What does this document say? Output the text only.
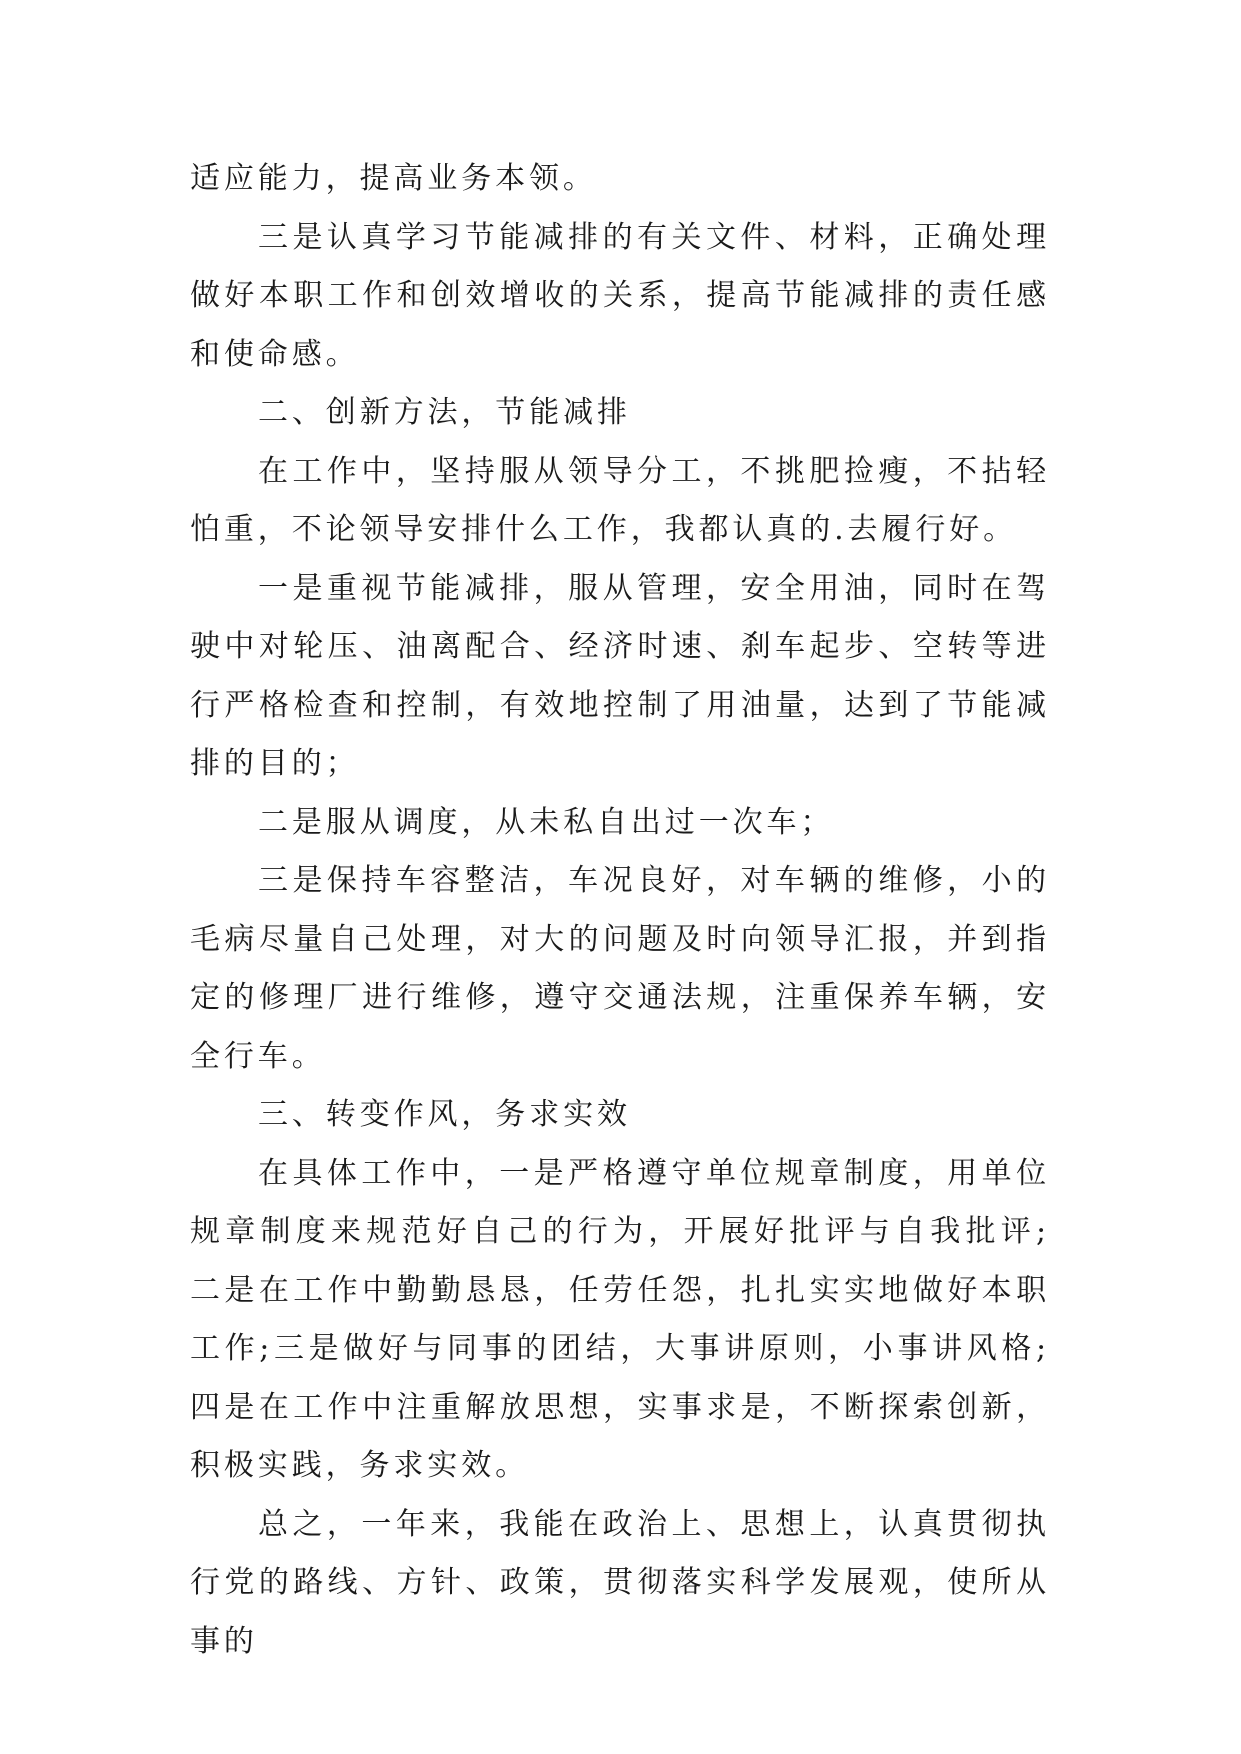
适应能力，提高业务本领。

三是认真学习节能减排的有关文件、材料，正确处理做好本职工作和创效增收的关系，提高节能减排的责任感和使命感。

二、创新方法，节能减排

在工作中，坚持服从领导分工，不挑肥捡瘦，不拈轻怕重，不论领导安排什么工作，我都认真的.去履行好。

一是重视节能减排，服从管理，安全用油，同时在驾驶中对轮压、油离配合、经济时速、刹车起步、空转等进行严格检查和控制，有效地控制了用油量，达到了节能减排的目的；

二是服从调度，从未私自出过一次车；

三是保持车容整洁，车况良好，对车辆的维修，小的毛病尽量自己处理，对大的问题及时向领导汇报，并到指定的修理厂进行维修，遵守交通法规，注重保养车辆，安全行车。

三、转变作风，务求实效

在具体工作中，一是严格遵守单位规章制度，用单位规章制度来规范好自己的行为，开展好批评与自我批评;二是在工作中勤勤恳恳，任劳任怨，扎扎实实地做好本职工作;三是做好与同事的团结，大事讲原则，小事讲风格;四是在工作中注重解放思想，实事求是，不断探索创新，积极实践，务求实效。

总之，一年来，我能在政治上、思想上，认真贯彻执行党的路线、方针、政策，贯彻落实科学发展观，使所从事的
